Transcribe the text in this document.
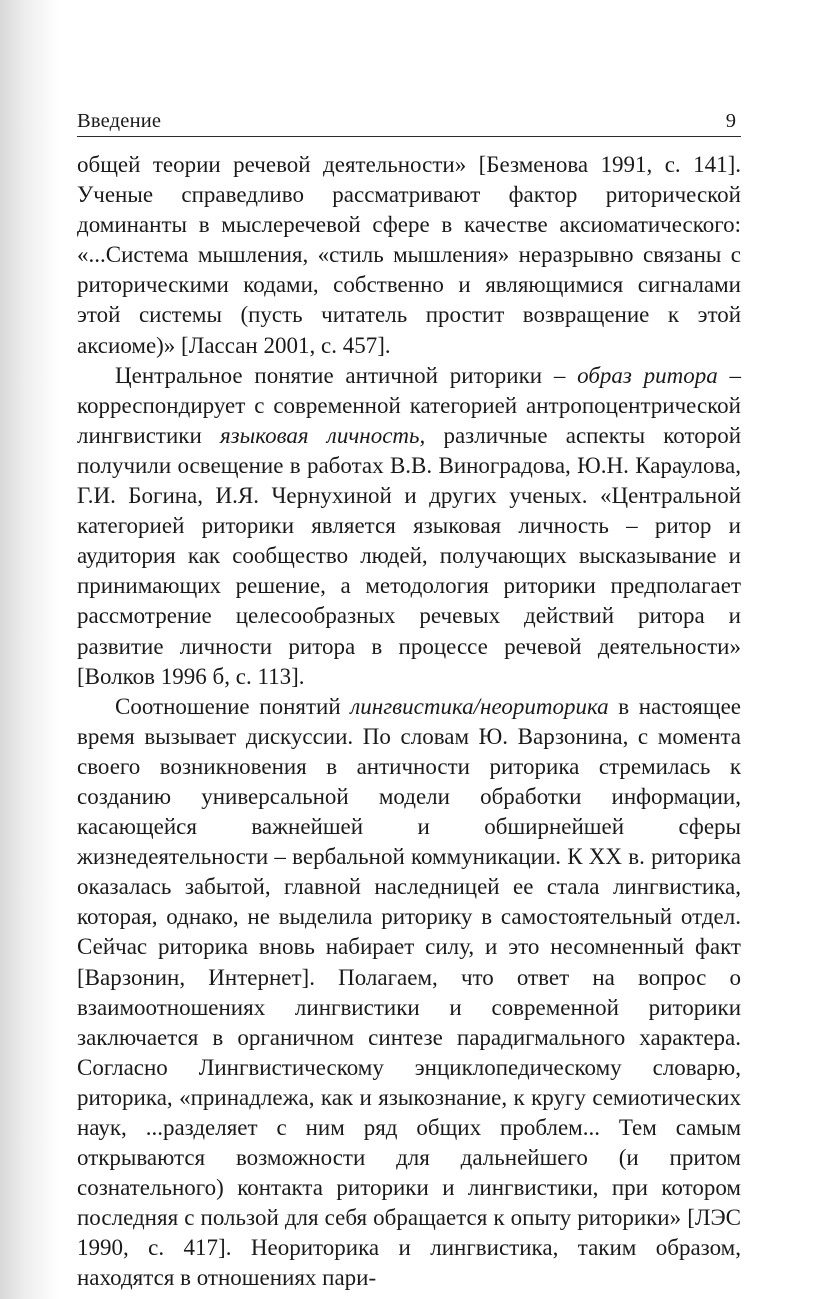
Введение	9

общей теории речевой деятельности» [Безменова 1991, с. 141]. Ученые справедливо рассматривают фактор риторической доминанты в мыслеречевой сфере в качестве аксиоматического: «...Система мышления, «стиль мышления» неразрывно связаны с риторическими кодами, собственно и являющимися сигналами этой системы (пусть читатель простит возвращение к этой аксиоме)» [Лассан 2001, с. 457].

Центральное понятие античной риторики – образ ритора – корреспондирует с современной категорией антропоцентрической лингвистики языковая личность, различные аспекты которой получили освещение в работах В.В. Виноградова, Ю.Н. Караулова, Г.И. Богина, И.Я. Чернухиной и других ученых. «Центральной категорией риторики является языковая личность – ритор и аудитория как сообщество людей, получающих высказывание и принимающих решение, а методология риторики предполагает рассмотрение целесообразных речевых действий ритора и развитие личности ритора в процессе речевой деятельности» [Волков 1996 б, с. 113].

Соотношение понятий лингвистика/неориторика в настоящее время вызывает дискуссии. По словам Ю. Варзонина, с момента своего возникновения в античности риторика стремилась к созданию универсальной модели обработки информации, касающейся важнейшей и обширнейшей сферы жизнедеятельности – вербальной коммуникации. К XX в. риторика оказалась забытой, главной наследницей ее стала лингвистика, которая, однако, не выделила риторику в самостоятельный отдел. Сейчас риторика вновь набирает силу, и это несомненный факт [Варзонин, Интернет]. Полагаем, что ответ на вопрос о взаимоотношениях лингвистики и современной риторики заключается в органичном синтезе парадигмального характера. Согласно Лингвистическому энциклопедическому словарю, риторика, «принадлежа, как и языкознание, к кругу семиотических наук, ...разделяет с ним ряд общих проблем... Тем самым открываются возможности для дальнейшего (и притом сознательного) контакта риторики и лингвистики, при котором последняя с пользой для себя обращается к опыту риторики» [ЛЭС 1990, с. 417]. Неориторика и лингвистика, таким образом, находятся в отношениях пари-
